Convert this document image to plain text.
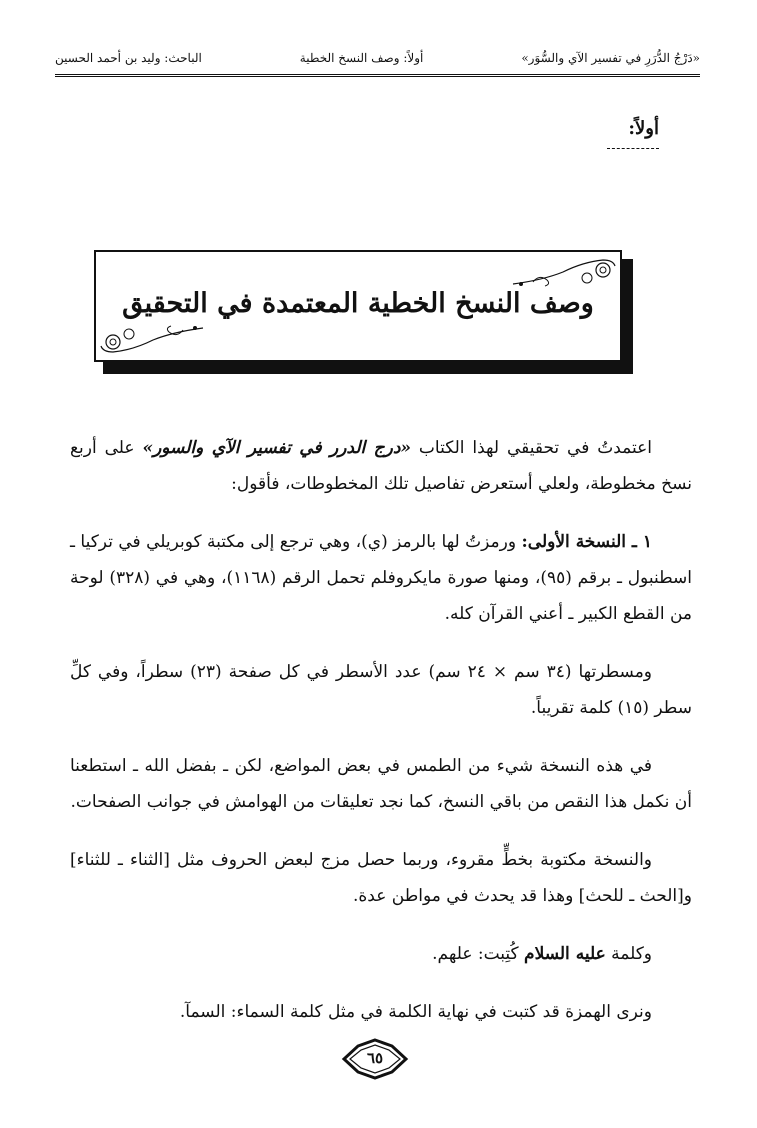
«دَرْجُ الدُّرَرِ في تفسير الآي والسُّوَر»
أولاً: وصف النسخ الخطية
الباحث: وليد بن أحمد الحسين
أولاً:
وصف النسخ الخطية المعتمدة في التحقيق

اعتمدتُ في تحقيقي لهذا الكتاب «درج الدرر في تفسير الآي والسور» على أربع نسخ مخطوطة، ولعلي أستعرض تفاصيل تلك المخطوطات، فأقول:

١ ـ النسخة الأولى: ورمزتُ لها بالرمز (ي)، وهي ترجع إلى مكتبة كوبريلي في تركيا ـ اسطنبول ـ برقم (٩٥)، ومنها صورة مايكروفلم تحمل الرقم (١١٦٨)، وهي في (٣٢٨) لوحة من القطع الكبير ـ أعني القرآن كله.

ومسطرتها (٣٤ سم × ٢٤ سم) عدد الأسطر في كل صفحة (٢٣) سطراً، وفي كلِّ سطر (١٥) كلمة تقريباً.

في هذه النسخة شيء من الطمس في بعض المواضع، لكن ـ بفضل الله ـ استطعنا أن نكمل هذا النقص من باقي النسخ، كما نجد تعليقات من الهوامش في جوانب الصفحات.

والنسخة مكتوبة بخطٍّ مقروء، وربما حصل مزج لبعض الحروف مثل [الثناء ـ للثناء] و[الحث ـ للحث] وهذا قد يحدث في مواطن عدة.

وكلمة عليه السلام كُتِبت: علهم.

ونرى الهمزة قد كتبت في نهاية الكلمة في مثل كلمة السماء: السمآ.

٦٥
